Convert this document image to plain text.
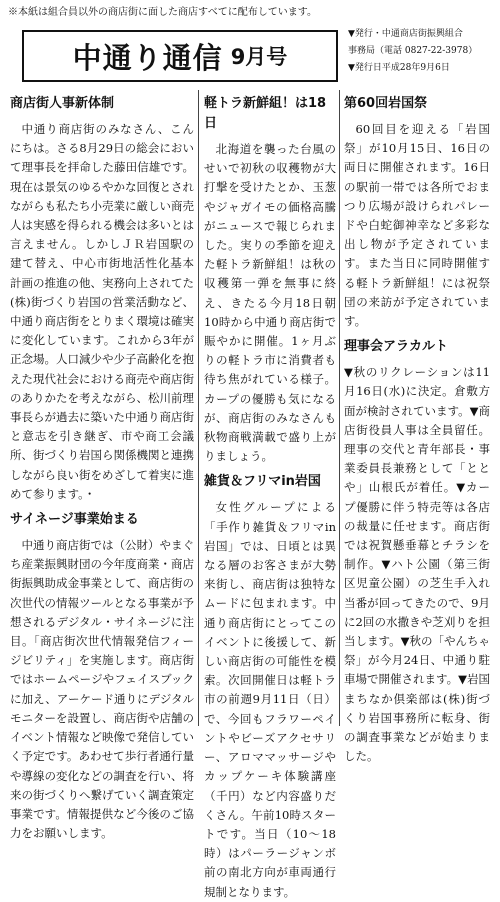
※本紙は組合員以外の商店街に面した商店すべてに配布しています。
中通り通信 9月号
▼発行・中通商店街振興組合
事務局（電話 0827-22-3978）
▼発行日平成28年9月6日
商店街人事新体制

中通り商店街のみなさん、こんにちは。さる8月29日の総会において理事長を拝命した藤田信雄です。現在は景気のゆるやかな回復とされながらも私たち小売業に厳しい商売人は実感を得られる機会は多いとは言えません。しかしＪＲ岩国駅の建て替え、中心市街地活性化基本計画の推進の他、実務向上されてた(株)街づくり岩国の営業活動など、中通り商店街をとりまく環境は確実に変化しています。これから3年が正念場。人口減少や少子高齢化を抱えた現代社会における商売や商店街のありかたを考えながら、松川前理事長らが過去に築いた中通り商店街と意志を引き継ぎ、市や商工会議所、街づくり岩国ら関係機関と連携しながら良い街をめざして着実に進めて参ります。・

サイネージ事業始まる

中通り商店街では（公財）やまぐち産業振興財団の今年度商業・商店街振興助成金事業として、商店街の次世代の情報ツールとなる事業が予想されるデジタル・サイネージに注目。「商店街次世代情報発信フィージビリティ」を実施します。商店街ではホームページやフェイスブックに加え、アーケード通りにデジタルモニターを設置し、商店街や店舗のイベント情報など映像で発信していく予定です。あわせて歩行者通行量や導線の変化などの調査を行い、将来の街づくりへ繋げていく調査策定事業です。情報提供など今後のご協力をお願いします。

軽トラ新鮮組！は18日

北海道を襲った台風のせいで初秋の収穫物が大打撃を受けたとか、玉葱やジャガイモの価格高騰がニュースで報じられました。実りの季節を迎えた軽トラ新鮮組！は秋の収穫第一弾を無事に終え、きたる今月18日朝10時から中通り商店街で賑やかに開催。1ヶ月ぶりの軽トラ市に消費者も待ち焦がれている様子。カープの優勝も気になるが、商店街のみなさんも秋物商戦満載で盛り上がりましょう。

雑貨＆フリマin岩国

女性グループによる「手作り雑貨＆フリマin岩国」では、日頃とは異なる層のお客さまが大勢来街し、商店街は独特なムードに包まれます。中通り商店街にとってこのイベントに後援して、新しい商店街の可能性を模索。次回開催日は軽トラ市の前週9月11日（日）で、今回もフラワーペイントやビーズアクセサリー、アロママッサージやカップケーキ体験講座（千円）など内容盛りだくさん。午前10時スタートです。当日（10～18時）はパーラージャンボ前の南北方向が車両通行規制となります。

第60回岩国祭

60回目を迎える「岩国祭」が10月15日、16日の両日に開催されます。16日の駅前一帯では各所でおまつり広場が設けられパレードや白蛇御神幸など多彩な出し物が予定されています。また当日に同時開催する軽トラ新鮮組！には祝祭団の来訪が予定されています。

理事会アラカルト

▼秋のリクレーションは11月16日(水)に決定。倉敷方面が検討されています。▼商店街役員人事は全員留任。理事の交代と青年部長・事業委員長兼務として「ととや」山根氏が着任。▼カープ優勝に伴う特売等は各店の裁量に任せます。商店街では祝賀懸垂幕とチラシを制作。▼ハト公園（第三街区児童公園）の芝生手入れ当番が回ってきたので、9月に2回の水撒きや芝刈りを担当します。▼秋の「やんちゃ祭」が今月24日、中通り駐車場で開催されます。▼岩国まちなか倶楽部は(株)街づくり岩国事務所に転身、街の調査事業などが始まりました。
